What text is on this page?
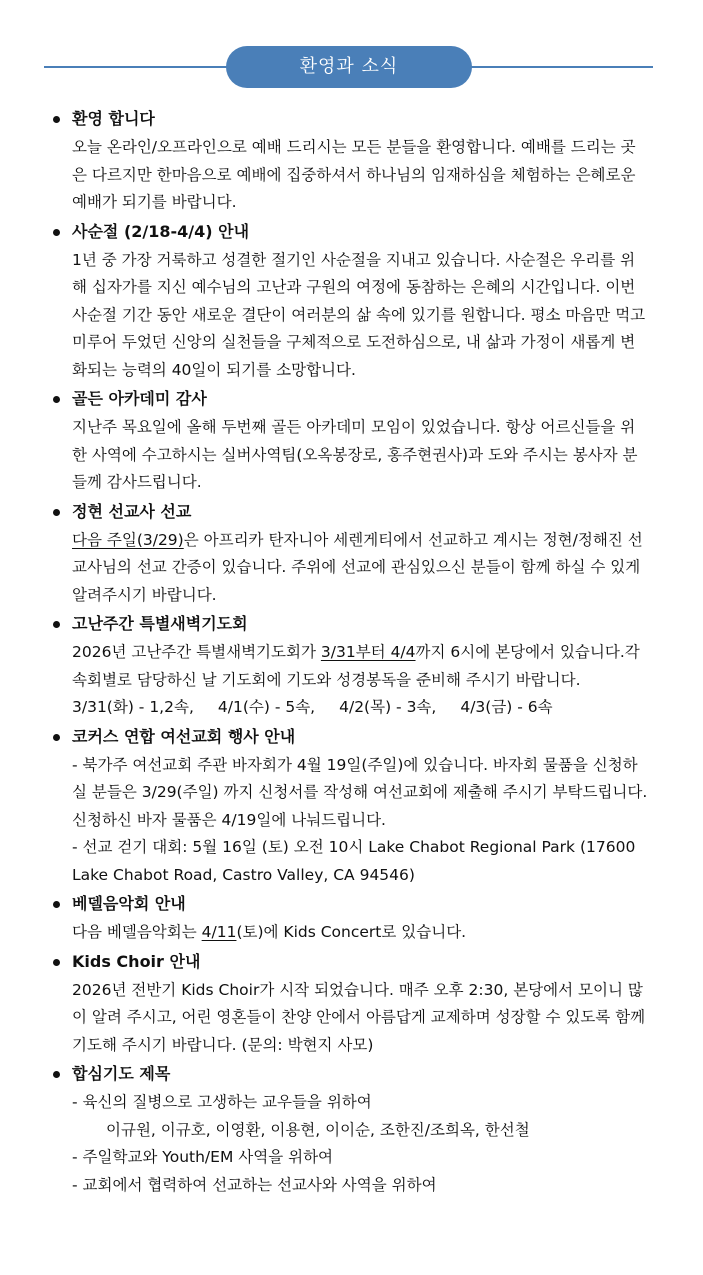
환영과 소식
환영 합니다
오늘 온라인/오프라인으로 예배 드리시는 모든 분들을 환영합니다. 예배를 드리는 곳은 다르지만 한마음으로 예배에 집중하셔서 하나님의 임재하심을 체험하는 은혜로운 예배가 되기를 바랍니다.
사순절 (2/18-4/4) 안내
1년 중 가장 거룩하고 성결한 절기인 사순절을 지내고 있습니다. 사순절은 우리를 위해 십자가를 지신 예수님의 고난과 구원의 여정에 동참하는 은혜의 시간입니다. 이번 사순절 기간 동안 새로운 결단이 여러분의 삶 속에 있기를 원합니다. 평소 마음만 먹고 미루어 두었던 신앙의 실천들을 구체적으로 도전하심으로, 내 삶과 가정이 새롭게 변화되는 능력의 40일이 되기를 소망합니다.
골든 아카데미 감사
지난주 목요일에 올해 두번째 골든 아카데미 모임이 있었습니다. 항상 어르신들을 위한 사역에 수고하시는 실버사역팀(오옥봉장로, 홍주현권사)과 도와 주시는 봉사자 분들께 감사드립니다.
정현 선교사 선교
다음 주일(3/29)은 아프리카 탄자니아 세렌게티에서 선교하고 계시는 정현/정해진 선교사님의 선교 간증이 있습니다. 주위에 선교에 관심있으신 분들이 함께 하실 수 있게 알려주시기 바랍니다.
고난주간 특별새벽기도회

2026년 고난주간 특별새벽기도회가 3/31부터 4/4까지 6시에 본당에서 있습니다.각 속회별로 담당하신 날 기도회에 기도와 성경봉독을 준비해 주시기 바랍니다.

3/31(화) - 1,2속, 4/1(수) - 5속, 4/2(목) - 3속, 4/3(금) - 6속

코커스 연합 여선교회 행사 안내

- 북가주 여선교회 주관 바자회가 4월 19일(주일)에 있습니다. 바자회 물품을 신청하실 분들은 3/29(주일) 까지 신청서를 작성해 여선교회에 제출해 주시기 부탁드립니다. 신청하신 바자 물품은 4/19일에 나눠드립니다.

- 선교 걷기 대회: 5월 16일 (토) 오전 10시 Lake Chabot Regional Park (17600 Lake Chabot Road, Castro Valley, CA 94546)

베델음악회 안내
다음 베델음악회는 4/11(토)에 Kids Concert로 있습니다.
Kids Choir 안내
2026년 전반기 Kids Choir가 시작 되었습니다. 매주 오후 2:30, 본당에서 모이니 많이 알려 주시고, 어린 영혼들이 찬양 안에서 아름답게 교제하며 성장할 수 있도록 함께 기도해 주시기 바랍니다. (문의: 박현지 사모)
합심기도 제목

- 육신의 질병으로 고생하는 교우들을 위하여

이규원, 이규호, 이영환, 이용현, 이이순, 조한진/조희옥, 한선철

- 주일학교와 Youth/EM 사역을 위하여

- 교회에서 협력하여 선교하는 선교사와 사역을 위하여
